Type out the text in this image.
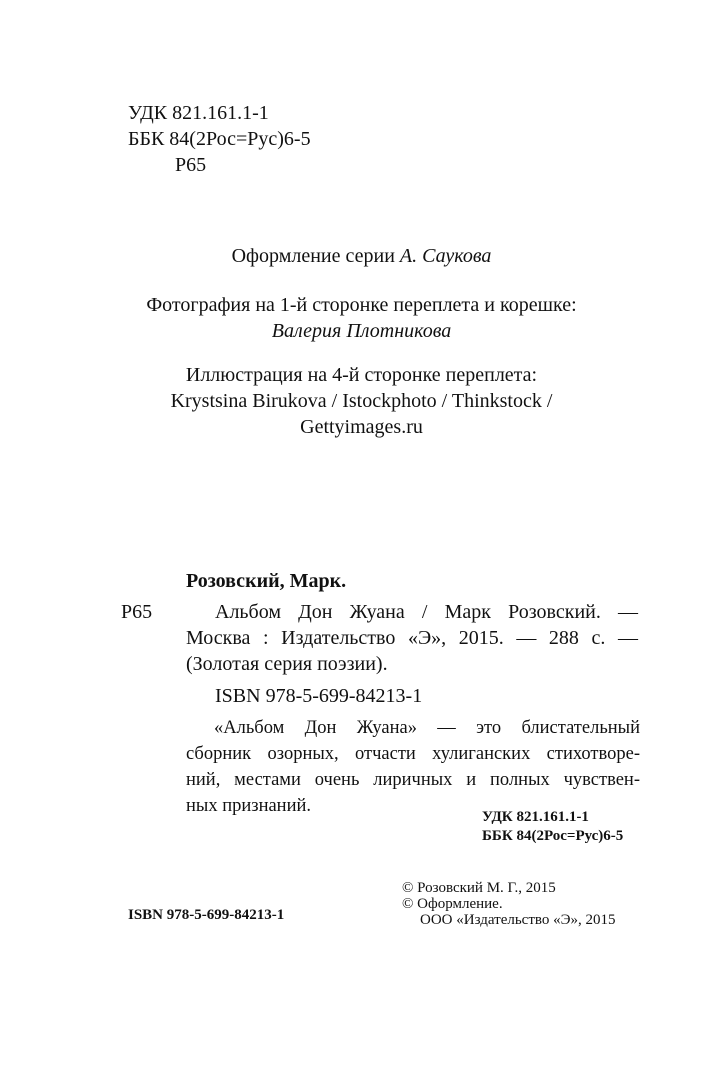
УДК 821.161.1-1
ББК 84(2Рос=Рус)6-5
Р65
Оформление серии А. Саукова
Фотография на 1-й сторонке переплета и корешке:
Валерия Плотникова
Иллюстрация на 4-й сторонке переплета:
Krystsina Birukova / Istockphoto / Thinkstock /
Gettyimages.ru
Розовский, Марк.
Р65	Альбом Дон Жуана / Марк Розовский. —
Москва : Издательство «Э», 2015. — 288 с. —
(Золотая серия поэзии).
ISBN 978-5-699-84213-1
«Альбом Дон Жуана» — это блистательный
сборник озорных, отчасти хулиганских стихотворе-
ний, местами очень лиричных и полных чувствен-
ных признаний.
УДК 821.161.1-1
ББК 84(2Рос=Рус)6-5
ISBN 978-5-699-84213-1
© Розовский М. Г., 2015
© Оформление.
ООО «Издательство «Э», 2015
